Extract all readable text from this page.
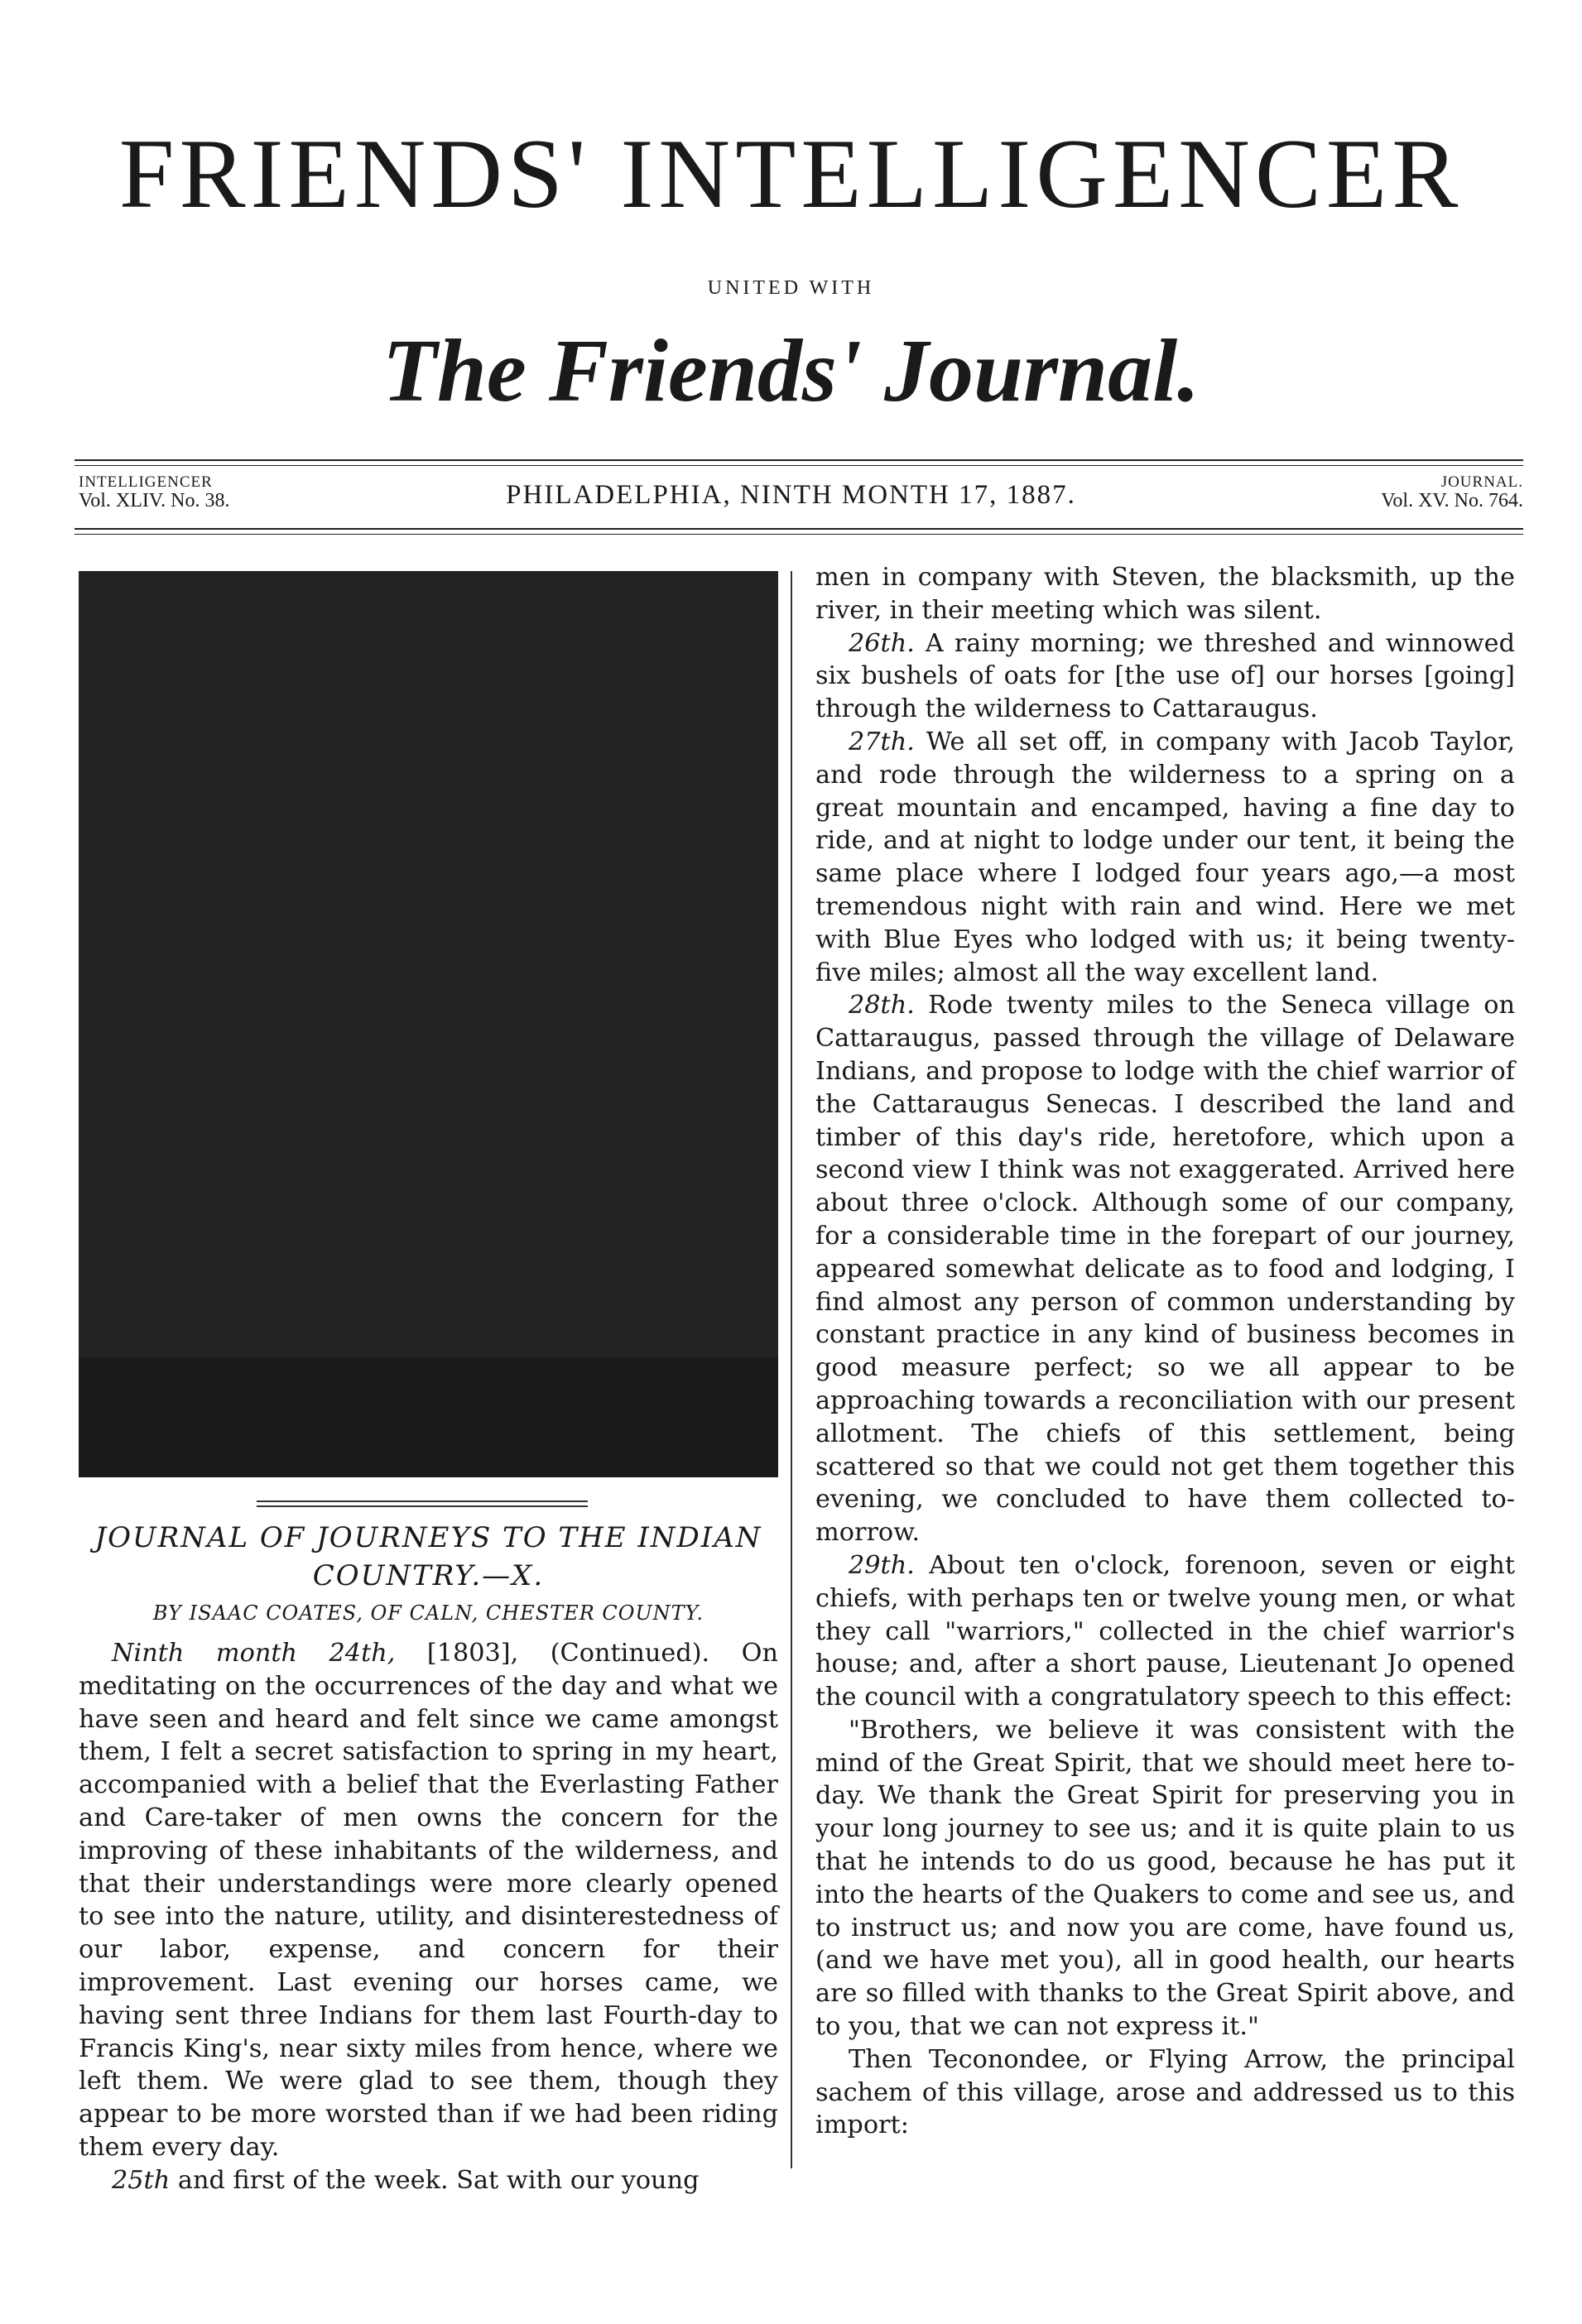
FRIENDS' INTELLIGENCER
UNITED WITH
The Friends' Journal.
INTELLIGENCER
Vol. XLIV. No. 38.	PHILADELPHIA, NINTH MONTH 17, 1887.	JOURNAL.
Vol. XV. No. 764.
JOURNAL OF JOURNEYS TO THE INDIAN
COUNTRY.—X.
BY ISAAC COATES, OF CALN, CHESTER COUNTY.

Ninth month 24th, [1803], (Continued). On meditating on the occurrences of the day and what we have seen and heard and felt since we came amongst them, I felt a secret satisfaction to spring in my heart, accompanied with a belief that the Everlasting Father and Care-taker of men owns the concern for the improving of these inhabitants of the wilderness, and that their understandings were more clearly opened to see into the nature, utility, and disinterestedness of our labor, expense, and concern for their improvement. Last evening our horses came, we having sent three Indians for them last Fourth-day to Francis King's, near sixty miles from hence, where we left them. We were glad to see them, though they appear to be more worsted than if we had been riding them every day.

25th and first of the week. Sat with our young

men in company with Steven, the blacksmith, up the river, in their meeting which was silent.

26th. A rainy morning; we threshed and winnowed six bushels of oats for [the use of] our horses [going] through the wilderness to Cattaraugus.

27th. We all set off, in company with Jacob Taylor, and rode through the wilderness to a spring on a great mountain and encamped, having a fine day to ride, and at night to lodge under our tent, it being the same place where I lodged four years ago,—a most tremendous night with rain and wind. Here we met with Blue Eyes who lodged with us; it being twenty-five miles; almost all the way excellent land.

28th. Rode twenty miles to the Seneca village on Cattaraugus, passed through the village of Delaware Indians, and propose to lodge with the chief warrior of the Cattaraugus Senecas. I described the land and timber of this day's ride, heretofore, which upon a second view I think was not exaggerated. Arrived here about three o'clock. Although some of our company, for a considerable time in the forepart of our journey, appeared somewhat delicate as to food and lodging, I find almost any person of common understanding by constant practice in any kind of business becomes in good measure perfect; so we all appear to be approaching towards a reconciliation with our present allotment. The chiefs of this settlement, being scattered so that we could not get them together this evening, we concluded to have them collected to-morrow.

29th. About ten o'clock, forenoon, seven or eight chiefs, with perhaps ten or twelve young men, or what they call "warriors," collected in the chief warrior's house; and, after a short pause, Lieutenant Jo opened the council with a congratulatory speech to this effect:

"Brothers, we believe it was consistent with the mind of the Great Spirit, that we should meet here to-day. We thank the Great Spirit for preserving you in your long journey to see us; and it is quite plain to us that he intends to do us good, because he has put it into the hearts of the Quakers to come and see us, and to instruct us; and now you are come, have found us, (and we have met you), all in good health, our hearts are so filled with thanks to the Great Spirit above, and to you, that we can not express it."

Then Teconondee, or Flying Arrow, the principal sachem of this village, arose and addressed us to this import:
